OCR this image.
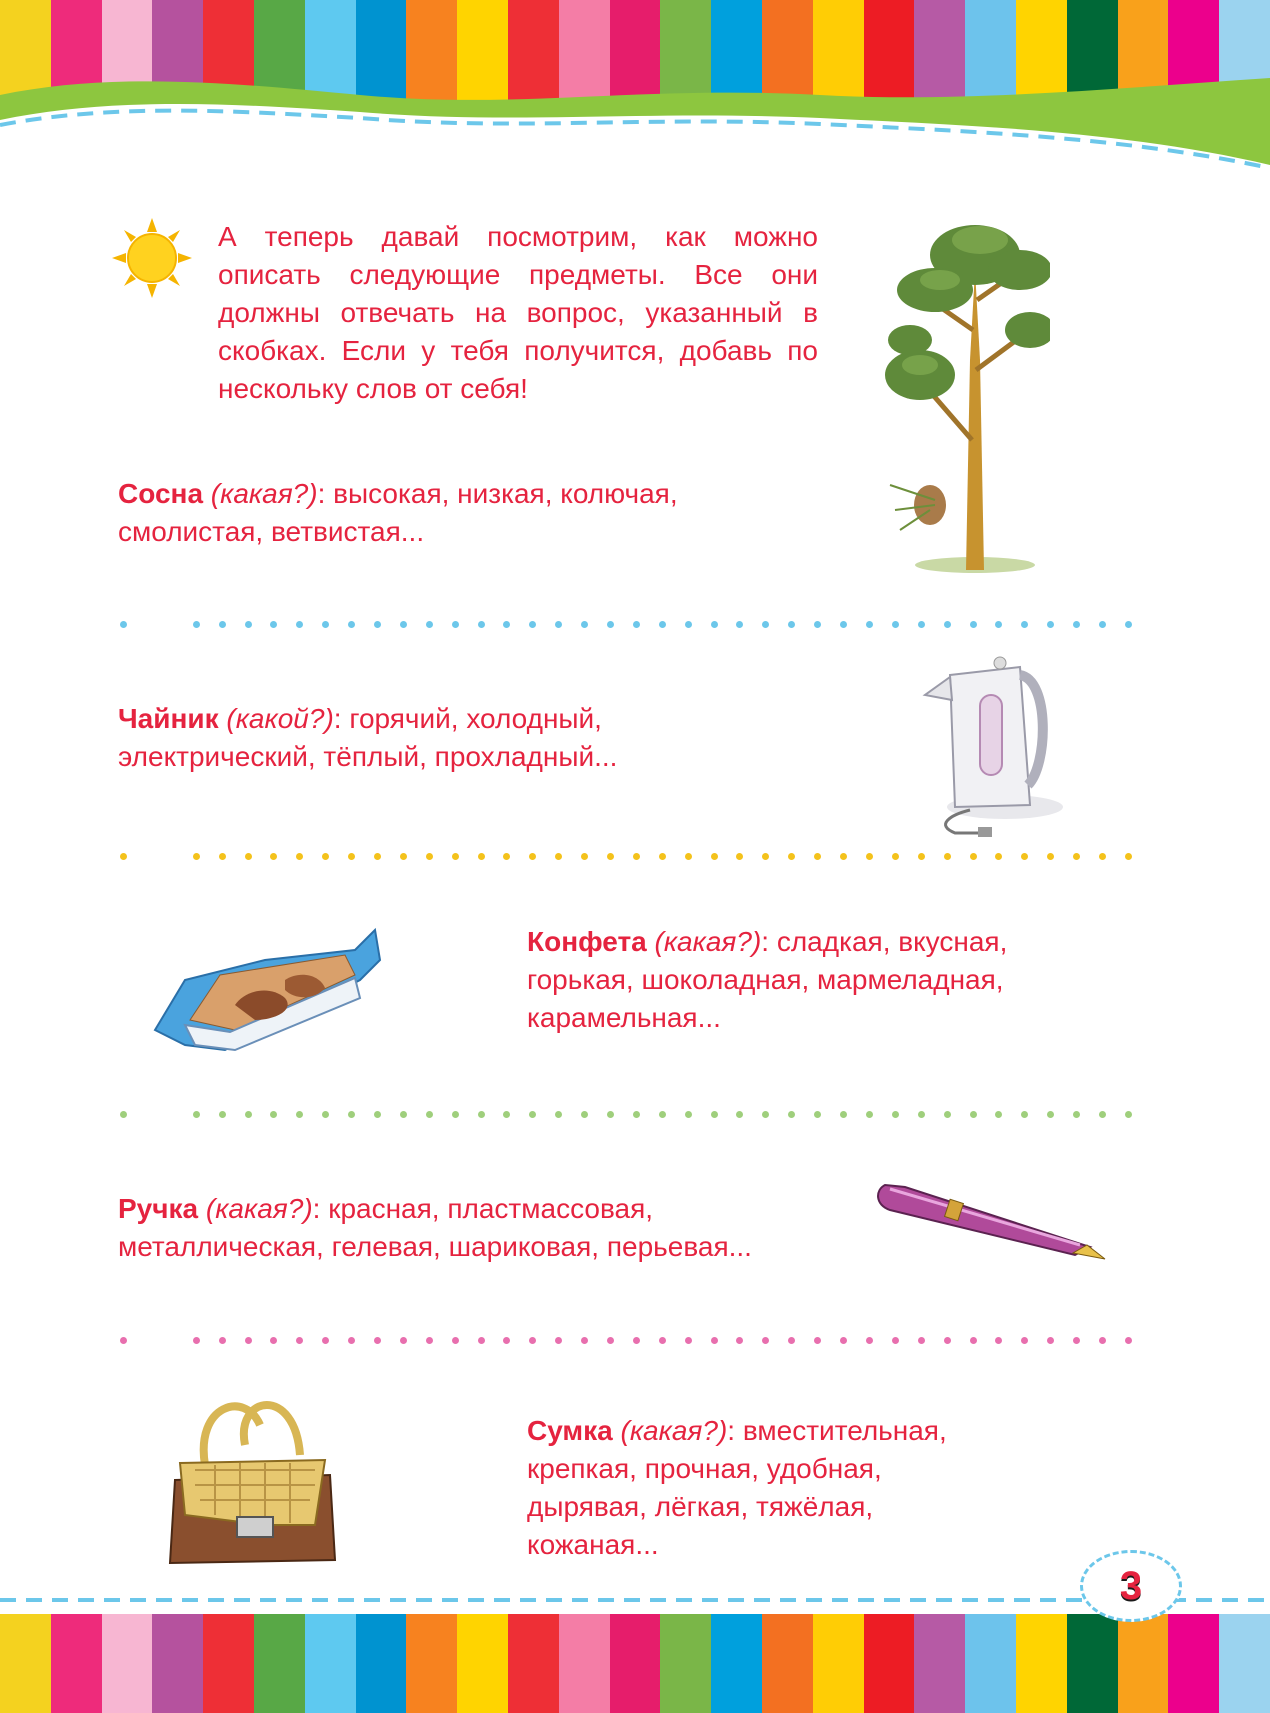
А теперь давай посмотрим, как можно описать следующие предметы. Все они должны отвечать на вопрос, указанный в скобках. Если у тебя получится, добавь по нескольку слов от себя!
Сосна (какая?): высокая, низкая, колючая,
смолистая, ветвистая...
Чайник (какой?): горячий, холодный,
электрический, тёплый, прохладный...
Конфета (какая?): сладкая, вкусная,
горькая, шоколадная, мармеладная,
карамельная...
Ручка (какая?): красная, пластмассовая,
металлическая, гелевая, шариковая, перьевая...
Сумка (какая?): вместительная,
крепкая, прочная, удобная,
дырявая, лёгкая, тяжёлая,
кожаная...
3
